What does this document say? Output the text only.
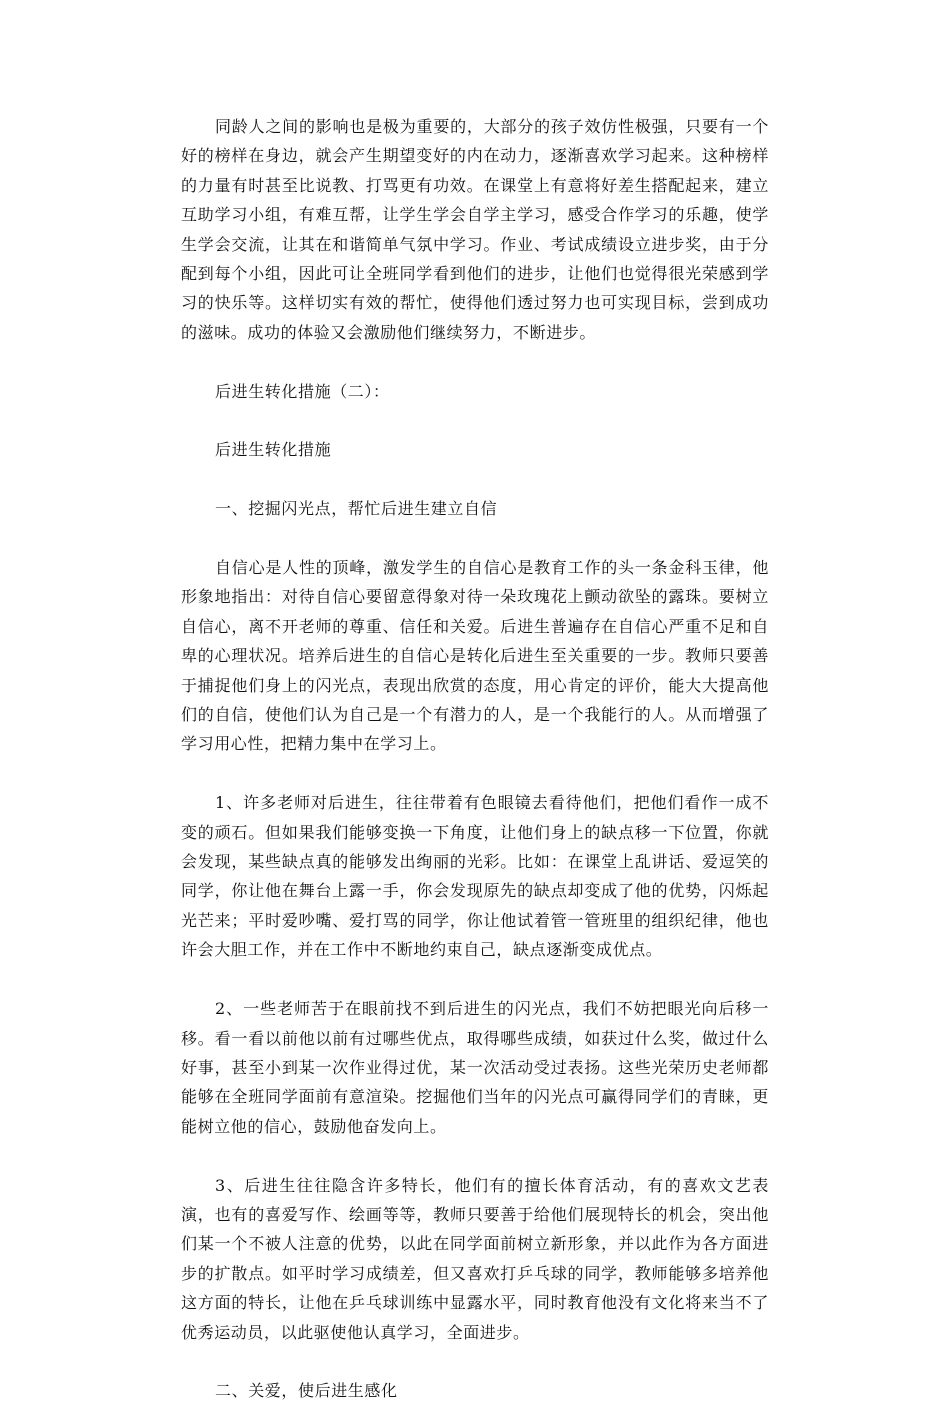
同龄人之间的影响也是极为重要的，大部分的孩子效仿性极强，只要有一个好的榜样在身边，就会产生期望变好的内在动力，逐渐喜欢学习起来。这种榜样的力量有时甚至比说教、打骂更有功效。在课堂上有意将好差生搭配起来，建立互助学习小组，有难互帮，让学生学会自学主学习，感受合作学习的乐趣，使学生学会交流，让其在和谐简单气氛中学习。作业、考试成绩设立进步奖，由于分配到每个小组，因此可让全班同学看到他们的进步，让他们也觉得很光荣感到学习的快乐等。这样切实有效的帮忙，使得他们透过努力也可实现目标，尝到成功的滋味。成功的体验又会激励他们继续努力，不断进步。

后进生转化措施（二）：

后进生转化措施

一、挖掘闪光点，帮忙后进生建立自信

自信心是人性的顶峰，激发学生的自信心是教育工作的头一条金科玉律，他形象地指出：对待自信心要留意得象对待一朵玫瑰花上颤动欲坠的露珠。要树立自信心，离不开老师的尊重、信任和关爱。后进生普遍存在自信心严重不足和自卑的心理状况。培养后进生的自信心是转化后进生至关重要的一步。教师只要善于捕捉他们身上的闪光点，表现出欣赏的态度，用心肯定的评价，能大大提高他们的自信，使他们认为自己是一个有潜力的人，是一个我能行的人。从而增强了学习用心性，把精力集中在学习上。

1、许多老师对后进生，往往带着有色眼镜去看待他们，把他们看作一成不变的顽石。但如果我们能够变换一下角度，让他们身上的缺点移一下位置，你就会发现，某些缺点真的能够发出绚丽的光彩。比如：在课堂上乱讲话、爱逗笑的同学，你让他在舞台上露一手，你会发现原先的缺点却变成了他的优势，闪烁起光芒来；平时爱吵嘴、爱打骂的同学，你让他试着管一管班里的组织纪律，他也许会大胆工作，并在工作中不断地约束自己，缺点逐渐变成优点。

2、一些老师苦于在眼前找不到后进生的闪光点，我们不妨把眼光向后移一移。看一看以前他以前有过哪些优点，取得哪些成绩，如获过什么奖，做过什么好事，甚至小到某一次作业得过优，某一次活动受过表扬。这些光荣历史老师都能够在全班同学面前有意渲染。挖掘他们当年的闪光点可赢得同学们的青睐，更能树立他的信心，鼓励他奋发向上。

3、后进生往往隐含许多特长，他们有的擅长体育活动，有的喜欢文艺表演，也有的喜爱写作、绘画等等，教师只要善于给他们展现特长的机会，突出他们某一个不被人注意的优势，以此在同学面前树立新形象，并以此作为各方面进步的扩散点。如平时学习成绩差，但又喜欢打乒乓球的同学，教师能够多培养他这方面的特长，让他在乒乓球训练中显露水平，同时教育他没有文化将来当不了优秀运动员，以此驱使他认真学习，全面进步。

二、关爱，使后进生感化
